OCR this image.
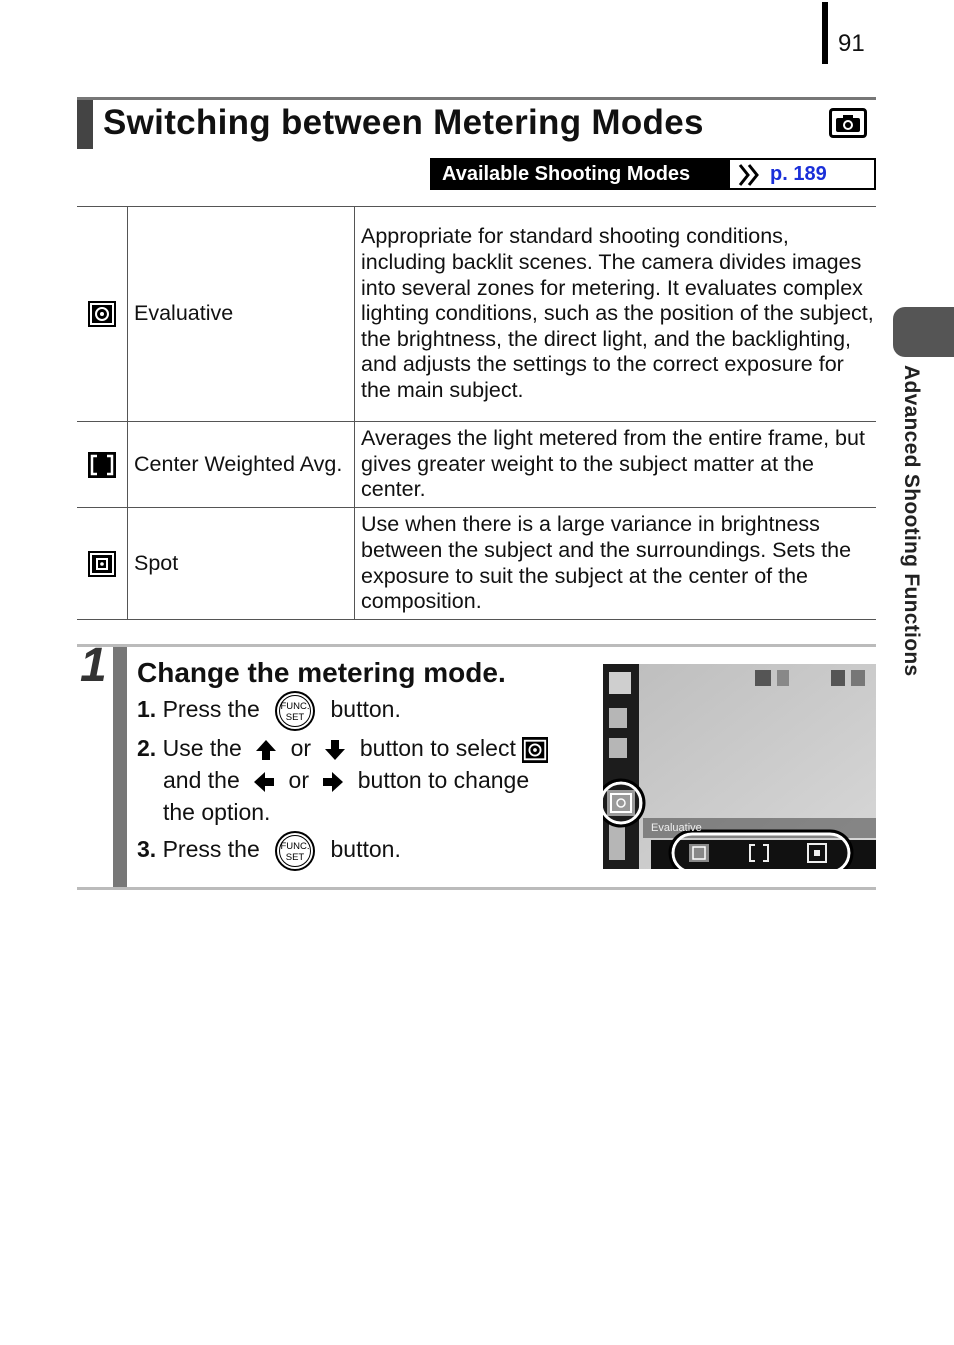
91
Switching between Metering Modes
Available Shooting Modes	p. 189
	Evaluative	Appropriate for standard shooting conditions, including backlit scenes. The camera divides images into several zones for metering. It evaluates complex lighting conditions, such as the position of the subject, the brightness, the direct light, and the backlighting, and adjusts the settings to the correct exposure for the main subject.

	Center Weighted Avg.	Averages the light metered from the entire frame, but gives greater weight to the subject matter at the center.

	Spot	Use when there is a large variance in brightness between the subject and the surroundings. Sets the exposure to suit the subject at the center of the composition.	Advanced Shooting Functions
1 Change the metering mode.
1. Press the FUNC.
SET button.
2. Use the or button to select
and the or button to change
the option.
3. Press the FUNC.
SET button.
Evaluative
